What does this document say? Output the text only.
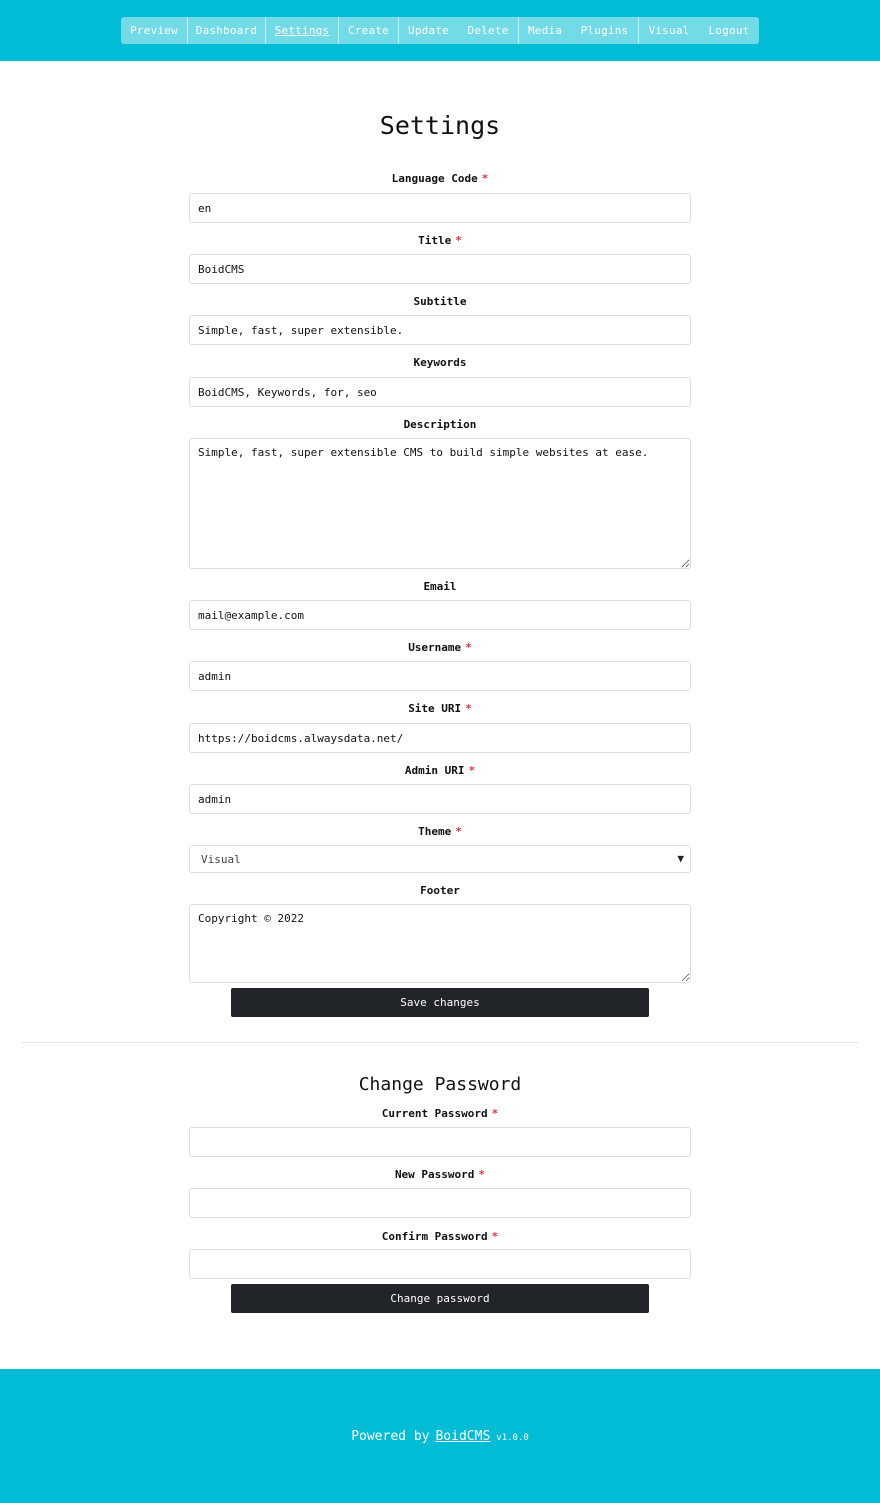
Preview	Dashboard	Settings	Create	Update	Delete	Media	Plugins	Visual	Logout
Settings
Language Code *
en
Title *
BoidCMS
Subtitle
Simple, fast, super extensible.
Keywords
BoidCMS, Keywords, for, seo
Description
Simple, fast, super extensible CMS to build simple websites at ease.
Email
mail@example.com
Username *
admin
Site URI *
https://boidcms.alwaysdata.net/
Admin URI *
admin
Theme *
Visual	▼
Footer
Copyright © 2022
Save changes
Change Password
Current Password *
New Password *
Confirm Password *
Change password
Powered by BoidCMS v1.0.0
